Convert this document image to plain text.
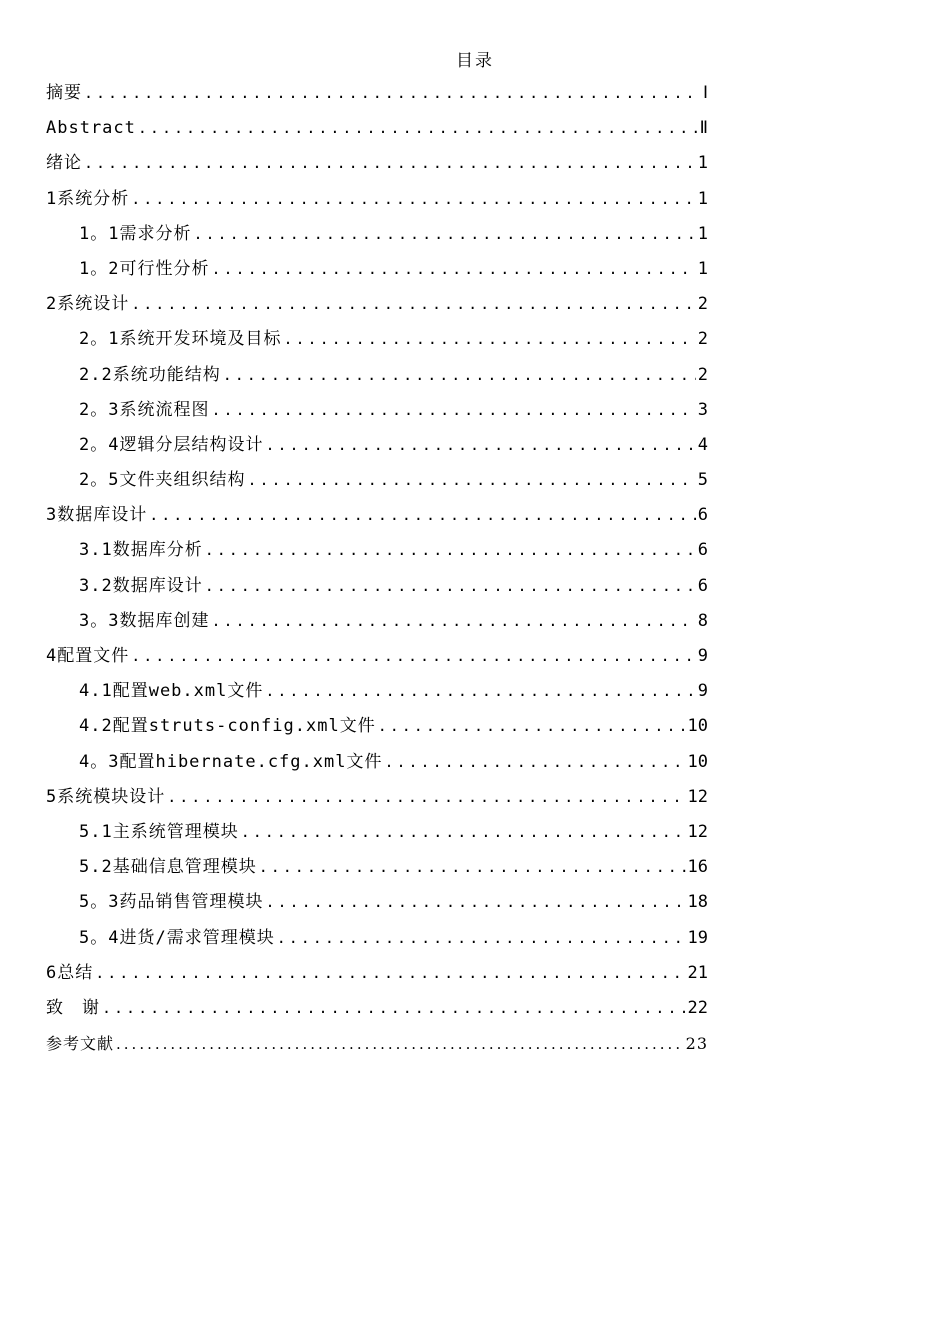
目录
摘要 .....	Ⅰ
Abstract .....	Ⅱ
绪论 .....	1
1系统分析 .....	1
1。1需求分析 .....	1
1。2可行性分析 .....	1
2系统设计 .....	2
2。1系统开发环境及目标 .....	2
2.2系统功能结构 .....	2
2。3系统流程图 .....	3
2。4逻辑分层结构设计 .....	4
2。5文件夹组织结构 .....	5
3数据库设计 .....	6
3.1数据库分析 .....	6
3.2数据库设计 .....	6
3。3数据库创建 .....	8
4配置文件 .....	9
4.1配置web.xml文件 .....	9
4.2配置struts-config.xml文件 .....	10
4。3配置hibernate.cfg.xml文件 .....	10
5系统模块设计 .....	12
5.1主系统管理模块 .....	12
5.2基础信息管理模块 .....	16
5。3药品销售管理模块 .....	18
5。4进货/需求管理模块 .....	19
6总结 .....	21
致　谢 .....	22
参考文献 .....	23
